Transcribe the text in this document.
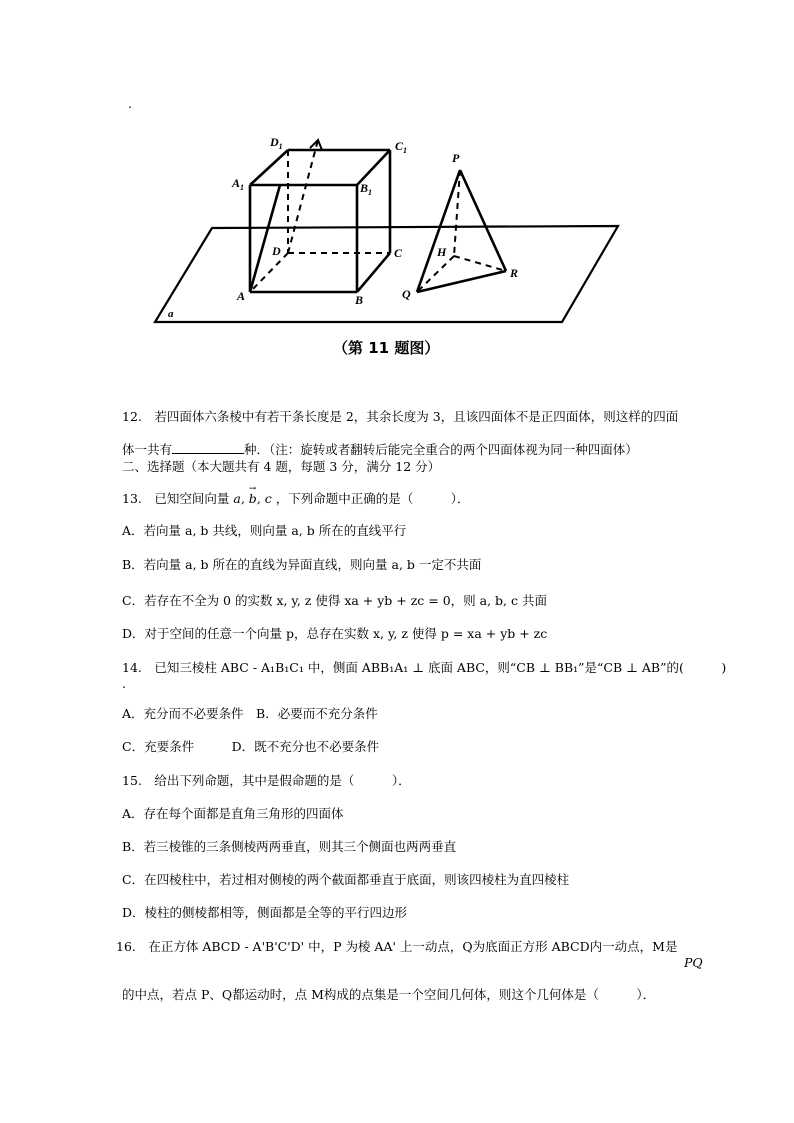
.
$D_1$	$C_1$
$A_1$	$B_1$
D	C
A	B
P
H
R
Q
a
（第 11 题图）
12.　若四面体六条棱中有若干条长度是 2，其余长度为 3，且该四面体不是正四面体，则这样的四面
体一共有	种．（注：旋转或者翻转后能完全重合的两个四面体视为同一种四面体）
二、选择题（本大题共有 4 题，每题 3 分，满分 12 分）
13.　已知空间向量 → a, b, c ，下列命题中正确的是（　　　）．
A．若向量 a, b 共线，则向量 a, b 所在的直线平行
B．若向量 a, b 所在的直线为异面直线，则向量 a, b 一定不共面
C．若存在不全为 0 的实数 x, y, z 使得 xa + yb + zc = 0，则 a, b, c 共面
D．对于空间的任意一个向量 p，总存在实数 x, y, z 使得 p = xa + yb + zc
14.　已知三棱柱 ABC - A₁B₁C₁ 中，侧面 ABB₁A₁ ⊥ 底面 ABC，则“CB ⊥ BB₁”是“CB ⊥ AB”的(　　　)
.
A．充分而不必要条件　B．必要而不充分条件
C．充要条件　　　D．既不充分也不必要条件
15.　给出下列命题，其中是假命题的是（　　　）．
A．存在每个面都是直角三角形的四面体
B．若三棱锥的三条侧棱两两垂直，则其三个侧面也两两垂直
C．在四棱柱中，若过相对侧棱的两个截面都垂直于底面，则该四棱柱为直四棱柱
D．棱柱的侧棱都相等，侧面都是全等的平行四边形
16.　在正方体 ABCD - A'B'C'D' 中，P 为棱 AA' 上一动点，Q为底面正方形 ABCD内一动点，M是
PQ
的中点，若点 P、Q都运动时，点 M构成的点集是一个空间几何体，则这个几何体是（　　　）．
